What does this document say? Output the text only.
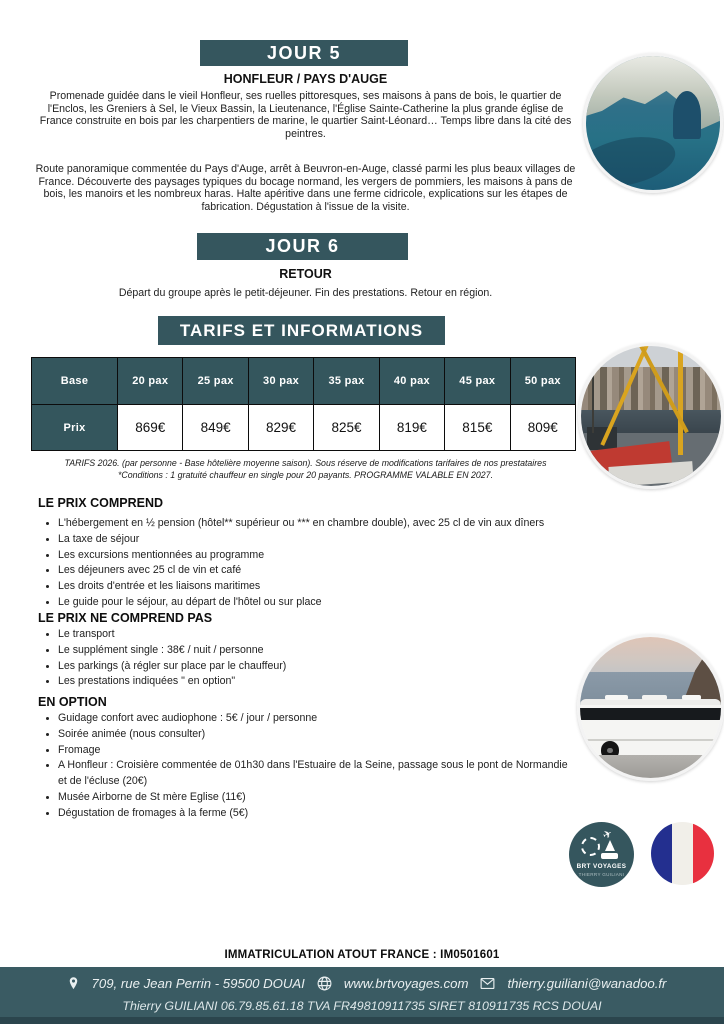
JOUR 5
HONFLEUR / PAYS D'AUGE

Promenade guidée dans le vieil Honfleur, ses ruelles pittoresques, ses maisons à pans de bois, le quartier de l'Enclos, les Greniers à Sel, le Vieux Bassin, la Lieutenance, l'Église Sainte-Catherine la plus grande église de France construite en bois par les charpentiers de marine, le quartier Saint-Léonard… Temps libre dans la cité des peintres.

Route panoramique commentée du Pays d'Auge, arrêt à Beuvron-en-Auge, classé parmi les plus beaux villages de France. Découverte des paysages typiques du bocage normand, les vergers de pommiers, les maisons à pans de bois, les manoirs et les nombreux haras. Halte apéritive dans une ferme cidricole, explications sur les étapes de fabrication. Dégustation à l'issue de la visite.

JOUR 6
RETOUR

Départ du groupe après le petit-déjeuner. Fin des prestations. Retour en région.

TARIFS ET INFORMATIONS
Base	20 pax	25 pax	30 pax	35 pax	40 pax	45 pax	50 pax
Prix	869€	849€	829€	825€	819€	815€	809€
TARIFS 2026. (par personne - Base hôtelière moyenne saison). Sous réserve de modifications tarifaires de nos prestataires
*Conditions : 1 gratuité chauffeur en single pour 20 payants. PROGRAMME VALABLE EN 2027.
LE PRIX COMPREND
• L'hébergement en ½ pension (hôtel** supérieur ou *** en chambre double), avec 25 cl de vin aux dîners
• La taxe de séjour
• Les excursions mentionnées au programme
• Les déjeuners avec 25 cl de vin et café
• Les droits d'entrée et les liaisons maritimes
• Le guide pour le séjour, au départ de l'hôtel ou sur place
LE PRIX NE COMPREND PAS
• Le transport
• Le supplément single : 38€ / nuit / personne
• Les parkings (à régler sur place par le chauffeur)
• Les prestations indiquées " en option"
EN OPTION
• Guidage confort avec audiophone : 5€ / jour / personne
• Soirée animée (nous consulter)
• Fromage
• A Honfleur : Croisière commentée de 01h30 dans l'Estuaire de la Seine, passage sous le pont de Normandie et de l'écluse (20€)
• Musée Airborne de St mère Eglise (11€)
• Dégustation de fromages à la ferme (5€)
✈
BRT VOYAGES
THIERRY GUILIANI
IMMATRICULATION ATOUT FRANCE : IM0501601
709, rue Jean Perrin - 59500 DOUAI	www.brtvoyages.com	thierry.guiliani@wanadoo.fr
Thierry GUILIANI 06.79.85.61.18 TVA FR49810911735 SIRET 810911735 RCS DOUAI
